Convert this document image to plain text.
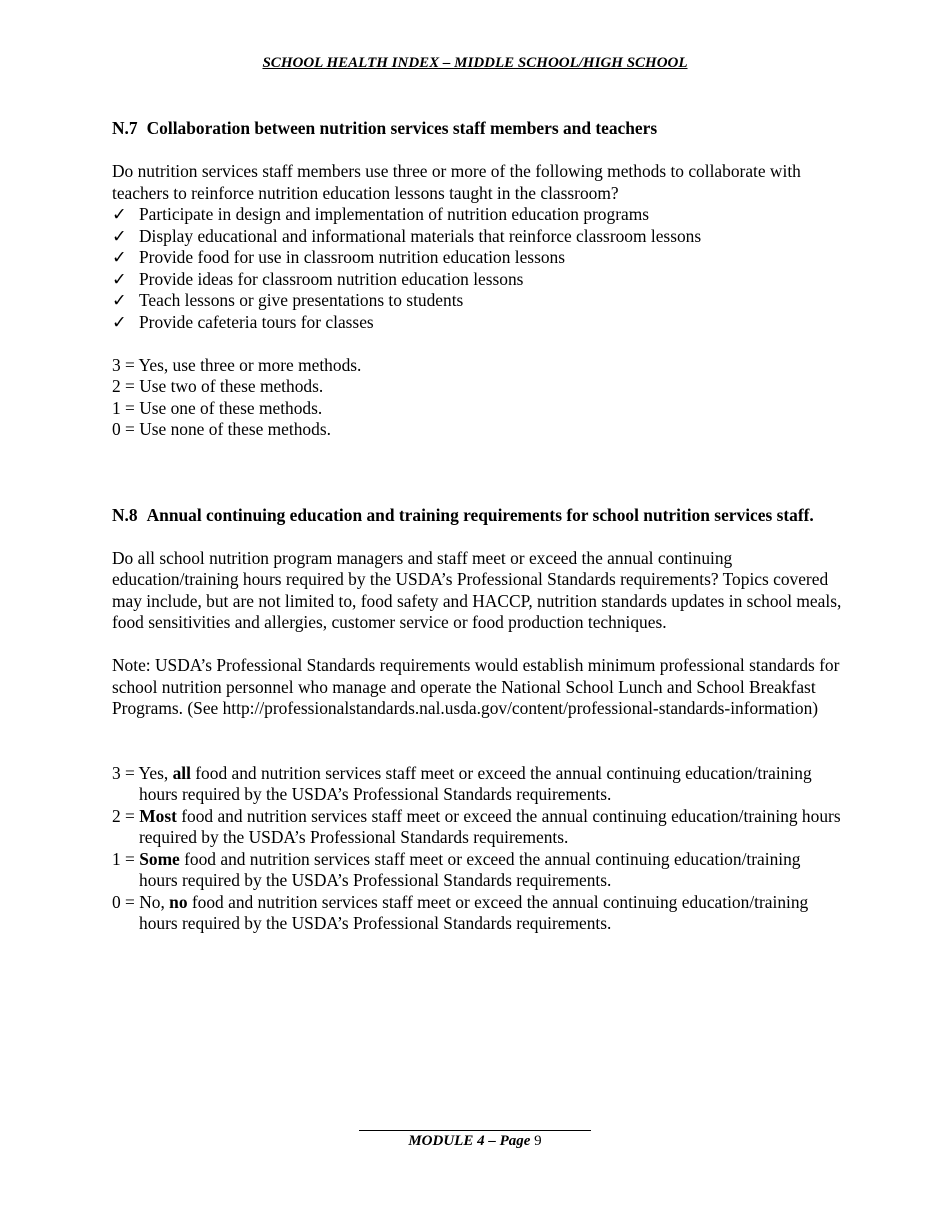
SCHOOL HEALTH INDEX – MIDDLE SCHOOL/HIGH SCHOOL
N.7 Collaboration between nutrition services staff members and teachers

Do nutrition services staff members use three or more of the following methods to collaborate with teachers to reinforce nutrition education lessons taught in the classroom?

✓ Participate in design and implementation of nutrition education programs
✓ Display educational and informational materials that reinforce classroom lessons
✓ Provide food for use in classroom nutrition education lessons
✓ Provide ideas for classroom nutrition education lessons
✓ Teach lessons or give presentations to students
✓ Provide cafeteria tours for classes
3 = Yes, use three or more methods.
2 = Use two of these methods.
1 = Use one of these methods.
0 = Use none of these methods.
N.8 Annual continuing education and training requirements for school nutrition services staff.

Do all school nutrition program managers and staff meet or exceed the annual continuing education/training hours required by the USDA’s Professional Standards requirements? Topics covered may include, but are not limited to, food safety and HACCP, nutrition standards updates in school meals, food sensitivities and allergies, customer service or food production techniques.

Note: USDA’s Professional Standards requirements would establish minimum professional standards for school nutrition personnel who manage and operate the National School Lunch and School Breakfast Programs. (See http://professionalstandards.nal.usda.gov/content/professional-standards-information)

3 = Yes, all food and nutrition services staff meet or exceed the annual continuing education/training hours required by the USDA’s Professional Standards requirements.
2 = Most food and nutrition services staff meet or exceed the annual continuing education/training hours required by the USDA’s Professional Standards requirements.
1 = Some food and nutrition services staff meet or exceed the annual continuing education/training hours required by the USDA’s Professional Standards requirements.
0 = No, no food and nutrition services staff meet or exceed the annual continuing education/training hours required by the USDA’s Professional Standards requirements.
MODULE 4 – Page 9
